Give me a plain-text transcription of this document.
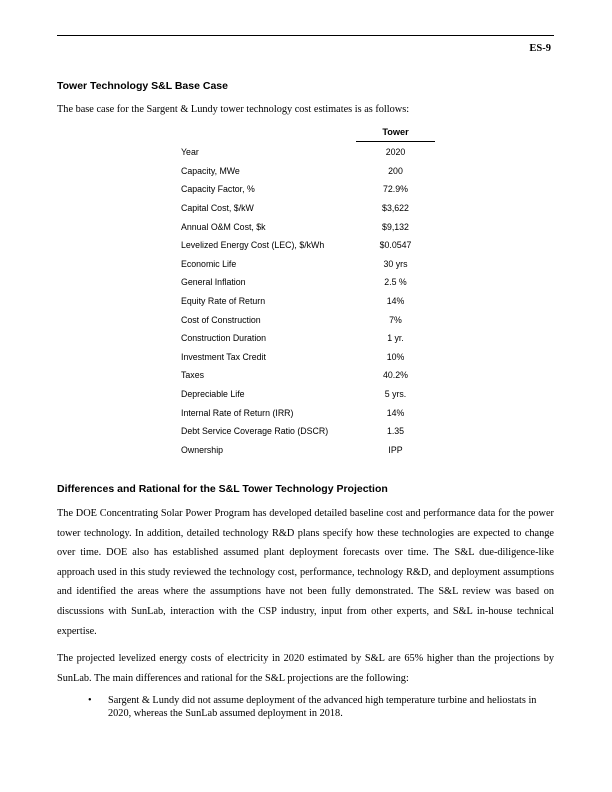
ES-9
Tower Technology S&L Base Case
The base case for the Sargent & Lundy tower technology cost estimates is as follows:
Tower
Year	2020
Capacity, MWe	200
Capacity Factor, %	72.9%
Capital Cost, $/kW	$3,622
Annual O&M Cost, $k	$9,132
Levelized Energy Cost (LEC), $/kWh	$0.0547
Economic Life	30 yrs
General Inflation	2.5 %
Equity Rate of Return	14%
Cost of Construction	7%
Construction Duration	1 yr.
Investment Tax Credit	10%
Taxes	40.2%
Depreciable Life	5 yrs.
Internal Rate of Return (IRR)	14%
Debt Service Coverage Ratio (DSCR)	1.35
Ownership	IPP
Differences and Rational for the S&L Tower Technology Projection

The DOE Concentrating Solar Power Program has developed detailed baseline cost and performance data for the power tower technology. In addition, detailed technology R&D plans specify how these technologies are expected to change over time. DOE also has established assumed plant deployment forecasts over time. The S&L due-diligence-like approach used in this study reviewed the technology cost, performance, technology R&D, and deployment assumptions and identified the areas where the assumptions have not been fully demonstrated. The S&L review was based on discussions with SunLab, interaction with the CSP industry, input from other experts, and S&L in-house technical expertise.

The projected levelized energy costs of electricity in 2020 estimated by S&L are 65% higher than the projections by SunLab. The main differences and rational for the S&L projections are the following:

• Sargent & Lundy did not assume deployment of the advanced high temperature turbine and heliostats in 2020, whereas the SunLab assumed deployment in 2018.
